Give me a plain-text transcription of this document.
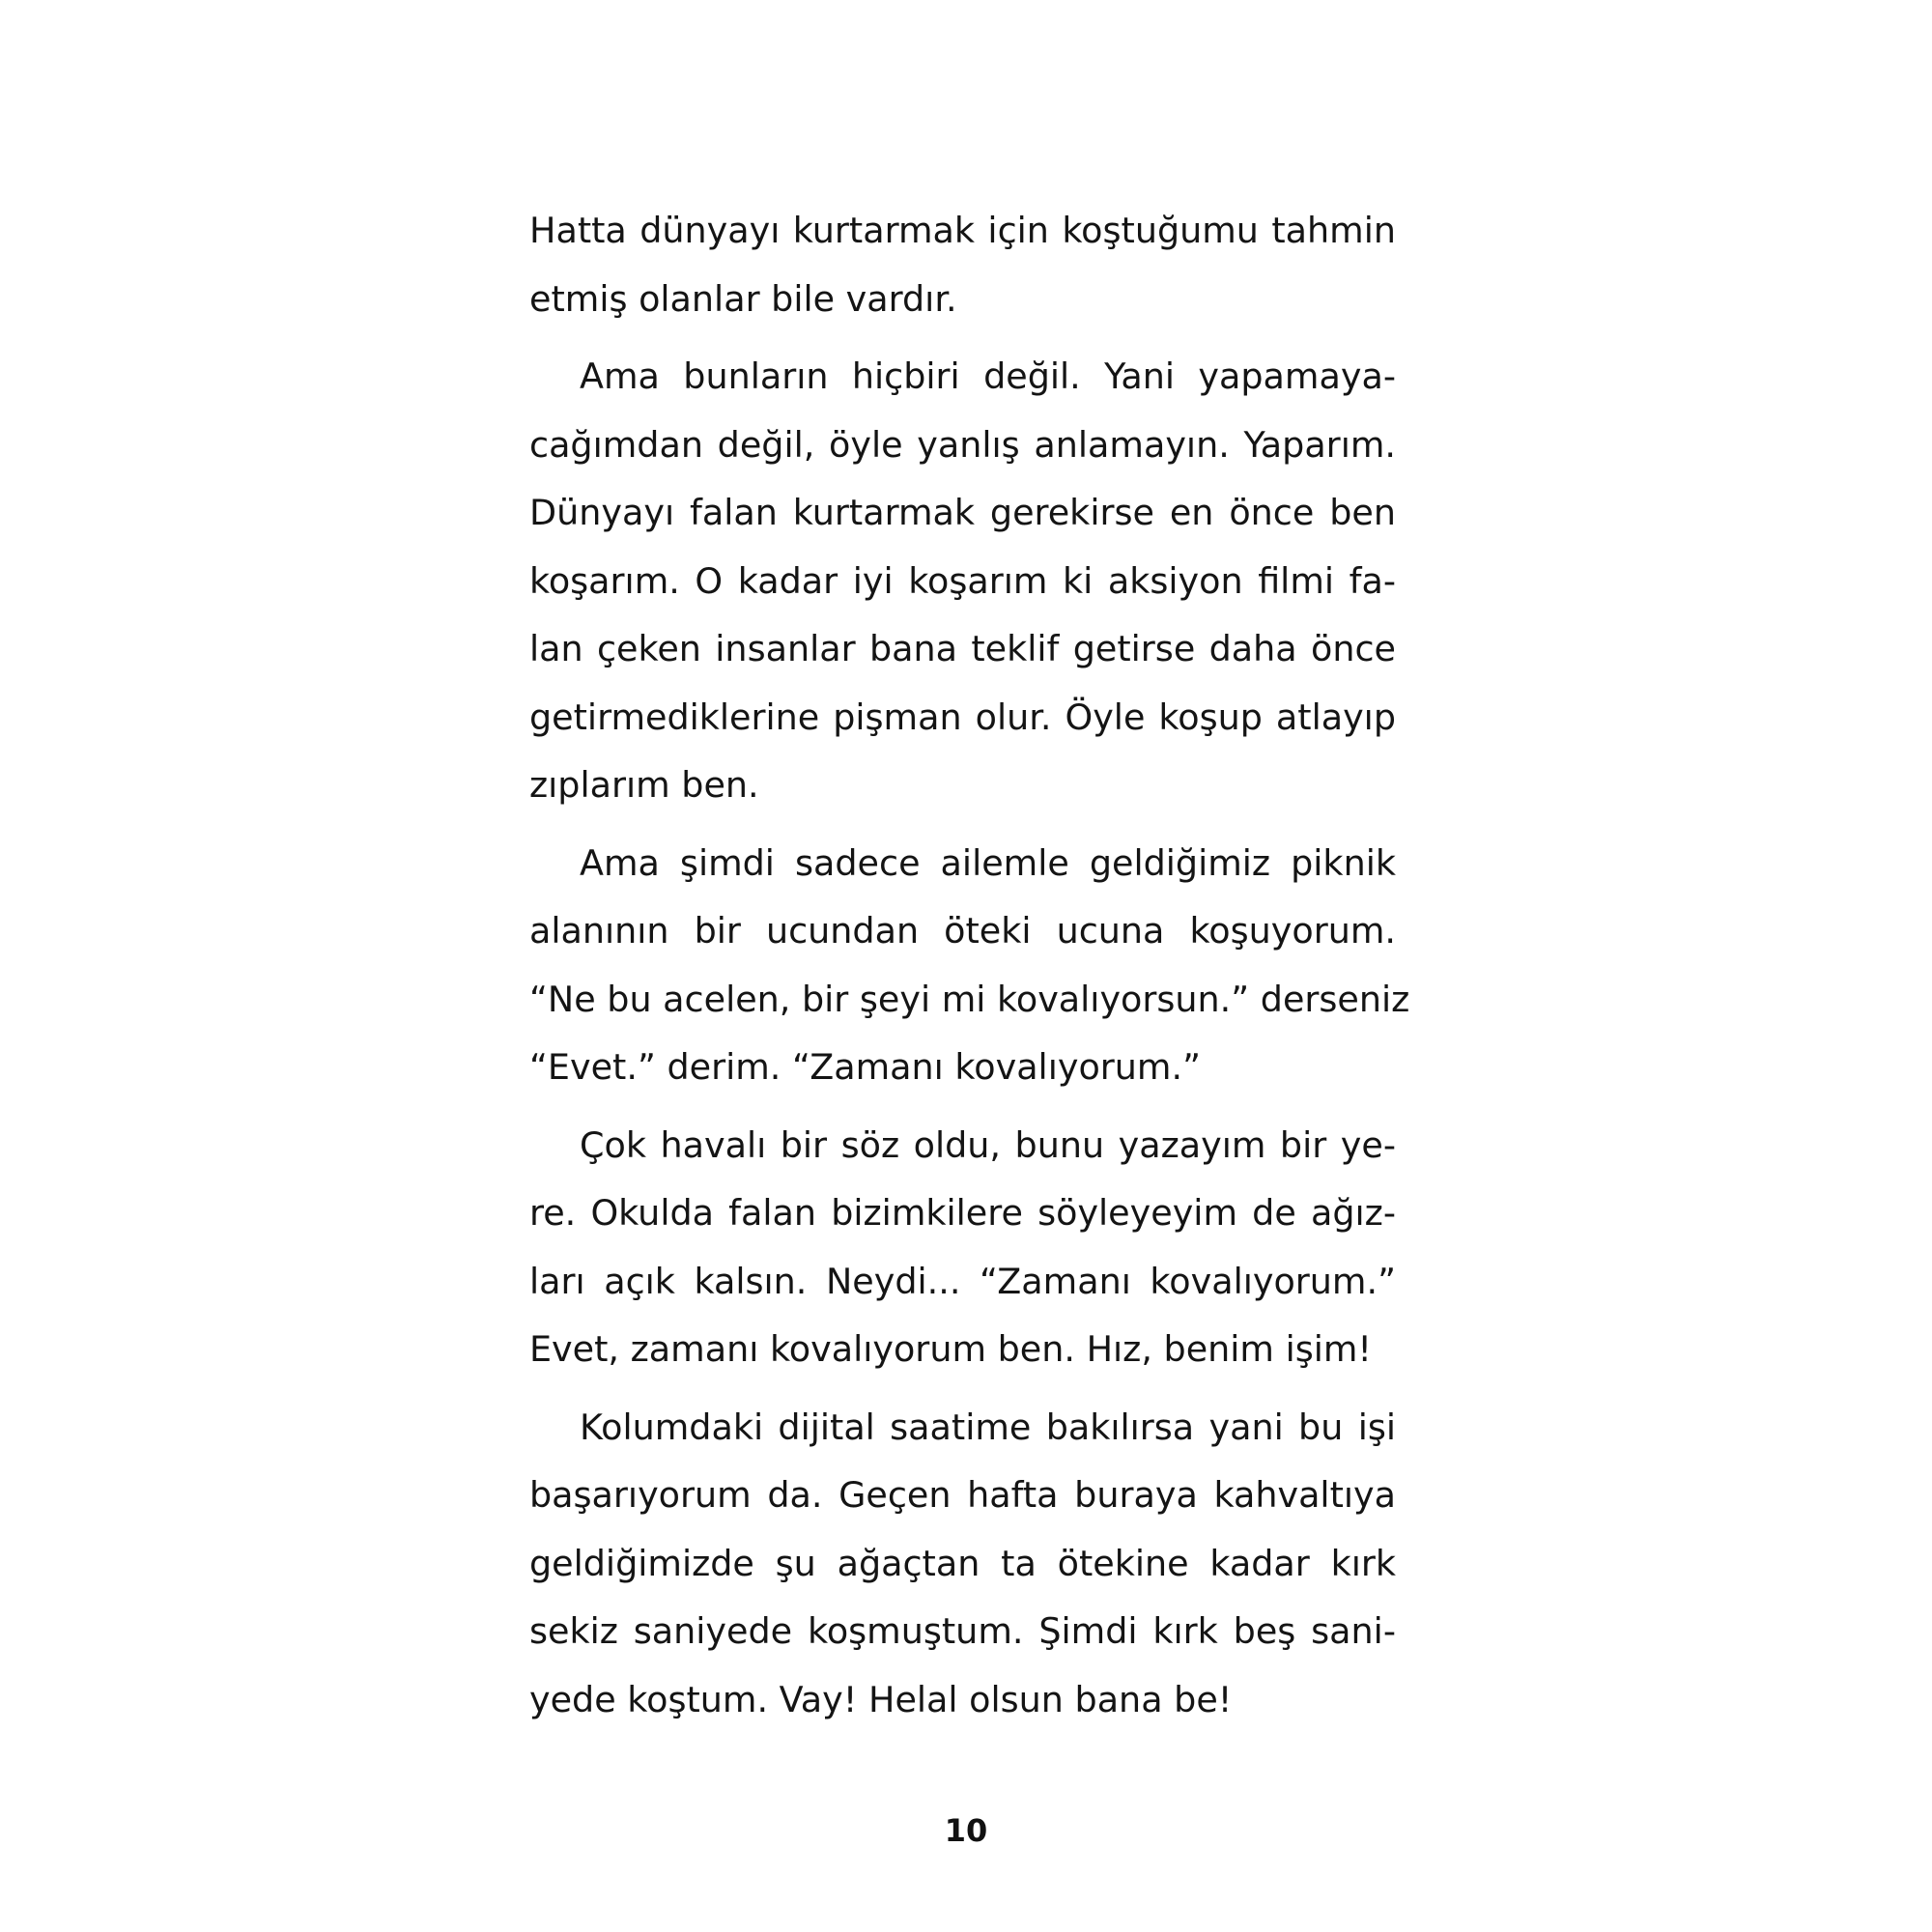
Hatta dünyayı kurtarmak için koştuğumu tahmin
etmiş olanlar bile vardır.
Ama bunların hiçbiri değil. Yani yapamaya-
cağımdan değil, öyle yanlış anlamayın. Yaparım.
Dünyayı falan kurtarmak gerekirse en önce ben
koşarım. O kadar iyi koşarım ki aksiyon filmi fa-
lan çeken insanlar bana teklif getirse daha önce
getirmediklerine pişman olur. Öyle koşup atlayıp
zıplarım ben.
Ama şimdi sadece ailemle geldiğimiz piknik
alanının bir ucundan öteki ucuna koşuyorum.
“Ne bu acelen, bir şeyi mi kovalıyorsun.” derseniz
“Evet.” derim. “Zamanı kovalıyorum.”
Çok havalı bir söz oldu, bunu yazayım bir ye-
re. Okulda falan bizimkilere söyleyeyim de ağız-
ları açık kalsın. Neydi... “Zamanı kovalıyorum.”
Evet, zamanı kovalıyorum ben. Hız, benim işim!
Kolumdaki dijital saatime bakılırsa yani bu işi
başarıyorum da. Geçen hafta buraya kahvaltıya
geldiğimizde şu ağaçtan ta ötekine kadar kırk
sekiz saniyede koşmuştum. Şimdi kırk beş sani-
yede koştum. Vay! Helal olsun bana be!
10
